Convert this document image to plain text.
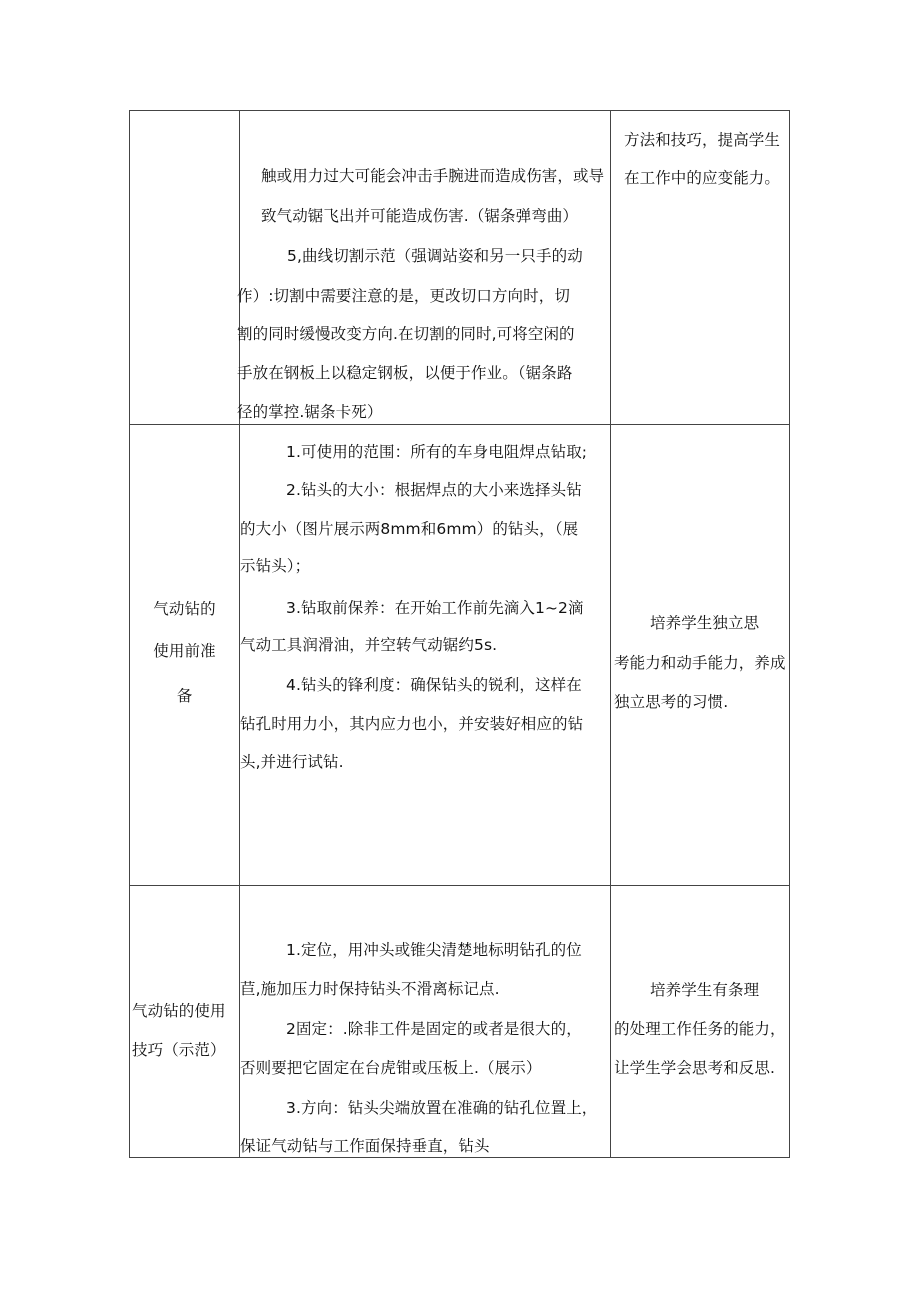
触或用力过大可能会冲击手腕进而造成伤害，或导
致气动锯飞出并可能造成伤害.（锯条弹弯曲）
5,曲线切割示范（强调站姿和另一只手的动
作）:切割中需要注意的是，更改切口方向时，切
割的同时缓慢改变方向.在切割的同时,可将空闲的
手放在钢板上以稳定钢板，以便于作业。（锯条路
径的掌控.锯条卡死）
方法和技巧，提高学生
在工作中的应变能力。
气动钻的
使用前准
备
1.可使用的范围：所有的车身电阻焊点钻取;
2.钻头的大小：根据焊点的大小来选择头钻
的大小（图片展示两8mm和6mm）的钻头，（展
示钻头）；
3.钻取前保养：在开始工作前先滴入1~2滴
气动工具润滑油，并空转气动锯约5s.
4.钻头的锋利度：确保钻头的锐利，这样在
钻孔时用力小，其内应力也小，并安装好相应的钻
头,并进行试钻.
培养学生独立思
考能力和动手能力，养成
独立思考的习惯.
气动钻的使用
技巧（示范）
1.定位，用冲头或锥尖清楚地标明钻孔的位
苣,施加压力时保持钻头不滑离标记点.
2固定：.除非工件是固定的或者是很大的，
否则要把它固定在台虎钳或压板上.（展示）
3.方向：钻头尖端放置在准确的钻孔位置上，
保证气动钻与工作面保持垂直，钻头
培养学生有条理
的处理工作任务的能力，
让学生学会思考和反思.
